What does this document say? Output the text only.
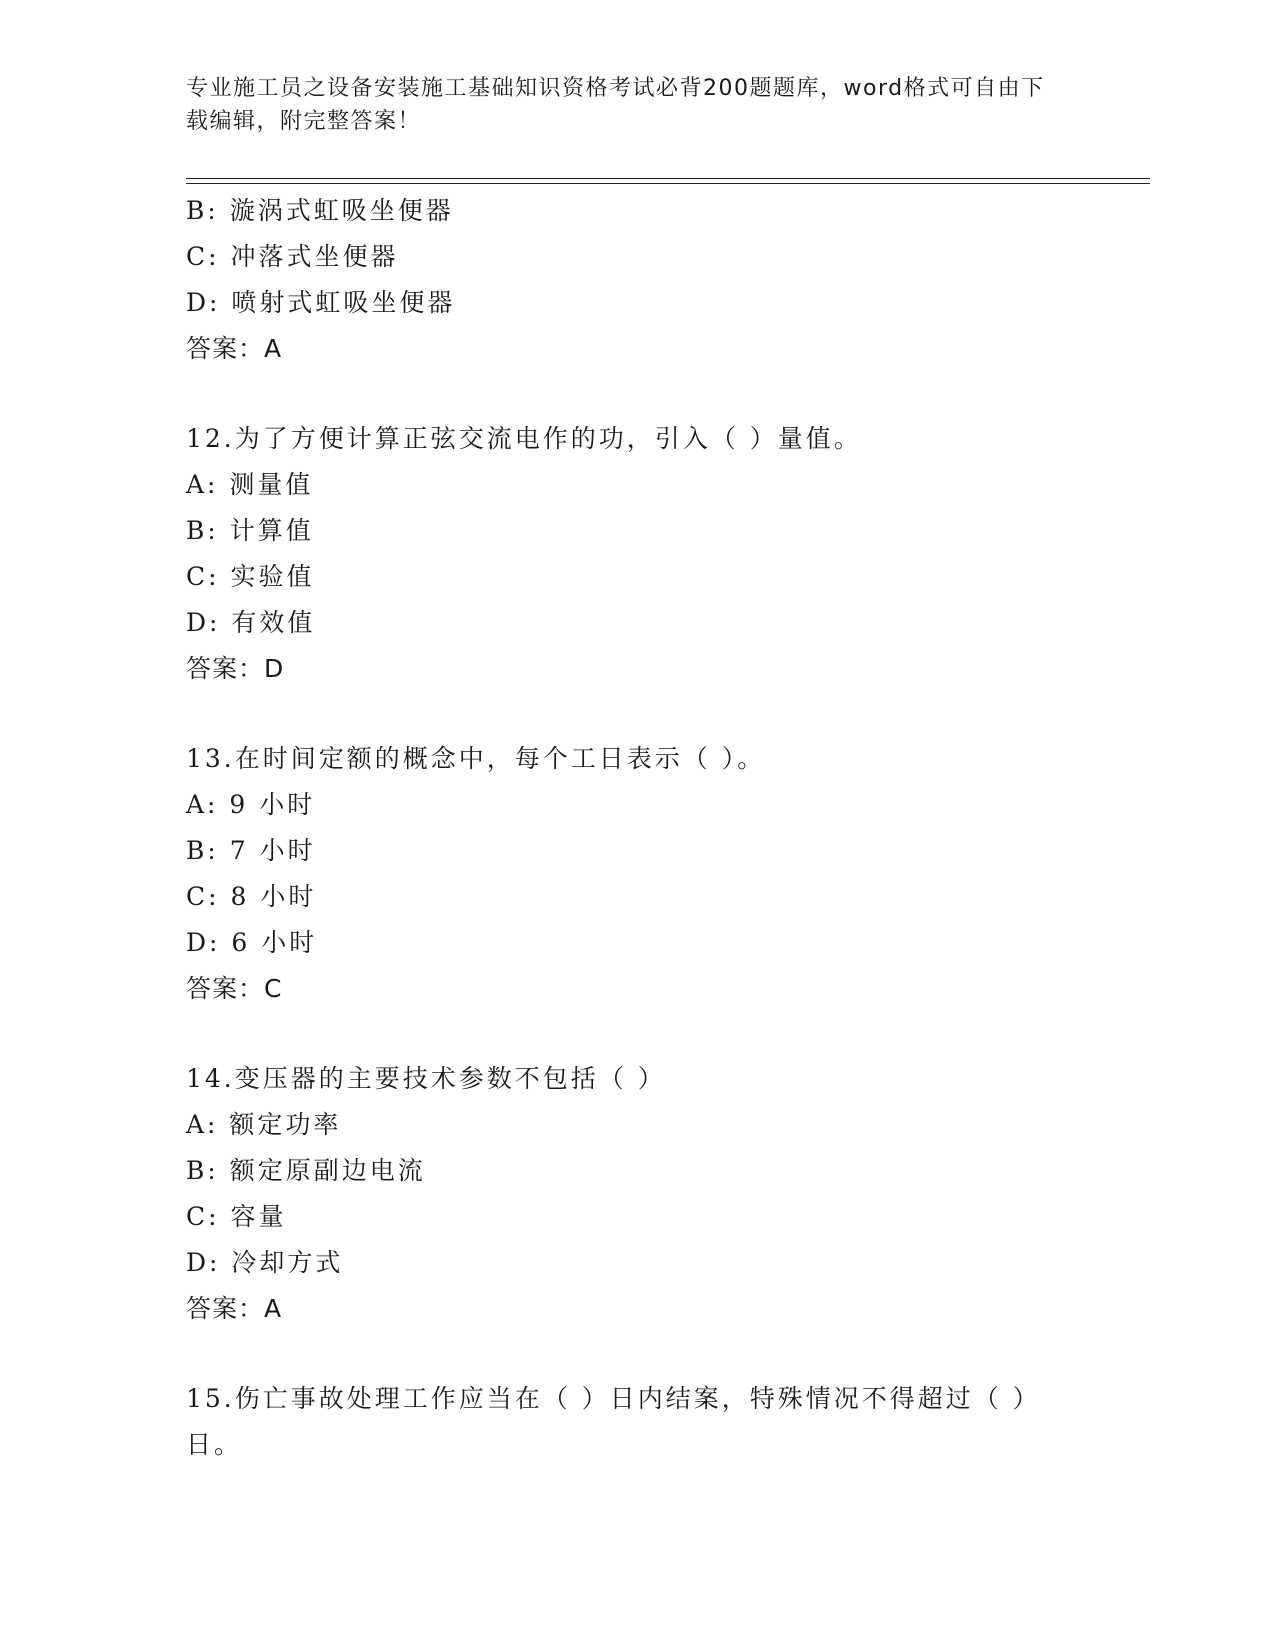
专业施工员之设备安装施工基础知识资格考试必背200题题库，word格式可自由下载编辑，附完整答案！
B: 漩涡式虹吸坐便器
C: 冲落式坐便器
D: 喷射式虹吸坐便器
答案：A
12.为了方便计算正弦交流电作的功，引入（ ）量值。
A: 测量值
B: 计算值
C: 实验值
D: 有效值
答案：D
13.在时间定额的概念中，每个工日表示（ ）。
A: 9 小时
B: 7 小时
C: 8 小时
D: 6 小时
答案：C
14.变压器的主要技术参数不包括（ ）
A: 额定功率
B: 额定原副边电流
C: 容量
D: 冷却方式
答案：A
15.伤亡事故处理工作应当在（ ）日内结案，特殊情况不得超过（ ）日。
